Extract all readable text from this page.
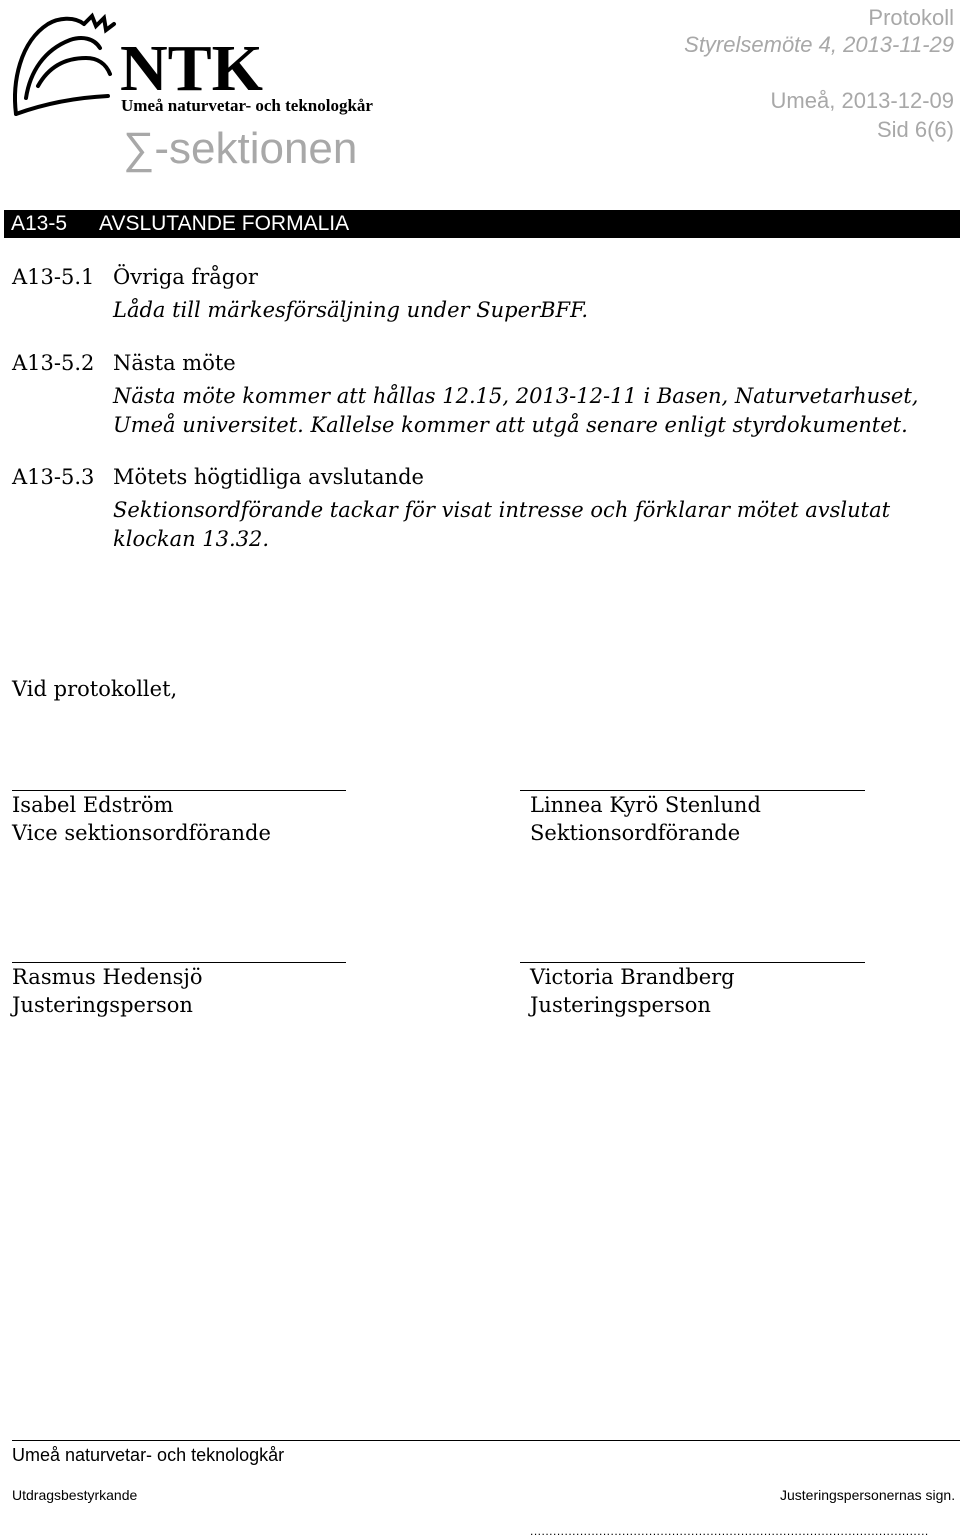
NTK
Umeå naturvetar- och teknologkår
∑-sektionen
Protokoll
Styrelsemöte 4, 2013-11-29
Umeå, 2013-12-09
Sid 6(6)
A13-5 AVSLUTANDE FORMALIA
A13-5.1 Övriga frågor
Låda till märkesförsäljning under SuperBFF.
A13-5.2 Nästa möte
Nästa möte kommer att hållas 12.15, 2013-12-11 i Basen, Naturvetarhuset, Umeå universitet. Kallelse kommer att utgå senare enligt styrdokumentet.
A13-5.3 Mötets högtidliga avslutande
Sektionsordförande tackar för visat intresse och förklarar mötet avslutat klockan 13.32.
Vid protokollet,
Isabel Edström
Vice sektionsordförande
Linnea Kyrö Stenlund
Sektionsordförande
Rasmus Hedensjö
Justeringsperson
Victoria Brandberg
Justeringsperson
Umeå naturvetar- och teknologkår
Utdragsbestyrkande	Justeringspersonernas sign.
........................................................................................................
